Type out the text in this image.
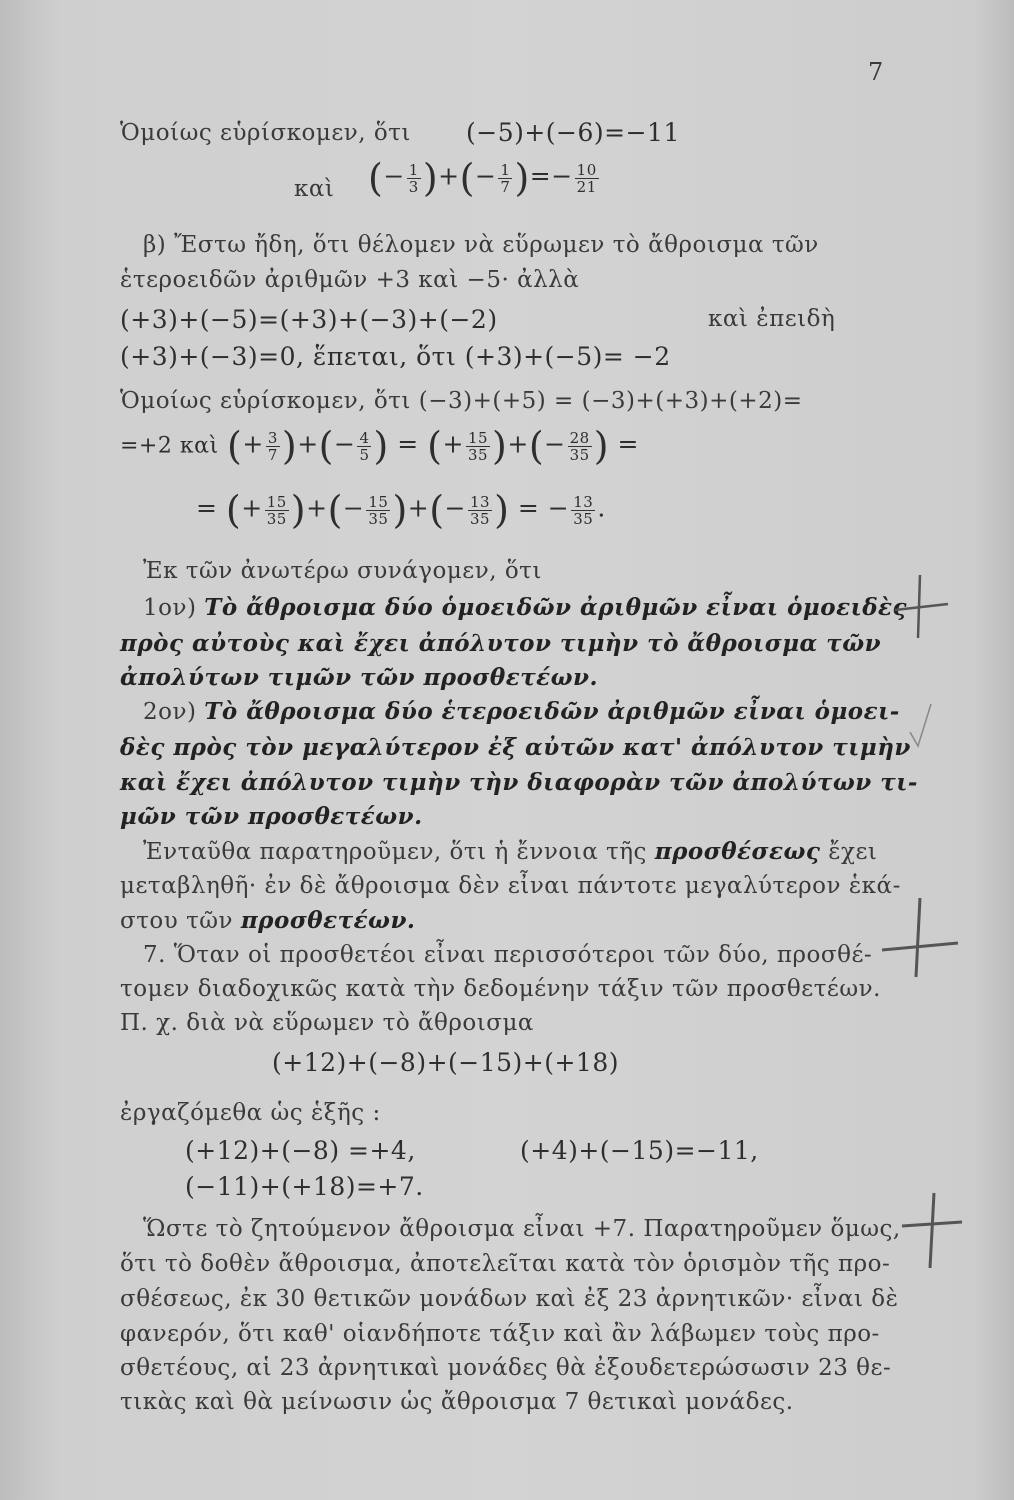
7
Ὁμοίως εὑρίσκομεν, ὅτι (−5)+(−6)=−11
καὶ (− $\frac{1}{3}$ )+(− $\frac{1}{7}$ )=− $\frac{10}{21}$
β) Ἔστω ἤδη, ὅτι θέλομεν νὰ εὕρωμεν τὸ ἄθροισμα τῶν
ἑτεροειδῶν ἀριθμῶν +3 καὶ −5· ἀλλὰ
(+3)+(−5)=(+3)+(−3)+(−2)	καὶ ἐπειδὴ
(+3)+(−3)=0, ἕπεται, ὅτι (+3)+(−5)= −2
Ὁμοίως εὑρίσκομεν, ὅτι (−3)+(+5) = (−3)+(+3)+(+2)=
=+2 καὶ (+ $\frac{3}{7}$ )+(− $\frac{4}{5}$ ) = (+ $\frac{15}{35}$ )+(− $\frac{28}{35}$ ) =
= (+ $\frac{15}{35}$ )+(− $\frac{15}{35}$ )+(− $\frac{13}{35}$ ) = − $\frac{13}{35}$ .
Ἐκ τῶν ἀνωτέρω συνάγομεν, ὅτι
1ον) Τὸ ἄθροισμα δύο ὁμοειδῶν ἀριθμῶν εἶναι ὁμοειδὲς
πρὸς αὐτοὺς καὶ ἔχει ἀπόλυτον τιμὴν τὸ ἄθροισμα τῶν
ἀπολύτων τιμῶν τῶν προσθετέων.
2ον) Τὸ ἄθροισμα δύο ἑτεροειδῶν ἀριθμῶν εἶναι ὁμοει-
δὲς πρὸς τὸν μεγαλύτερον ἐξ αὐτῶν κατ' ἀπόλυτον τιμὴν
καὶ ἔχει ἀπόλυτον τιμὴν τὴν διαφορὰν τῶν ἀπολύτων τι-
μῶν τῶν προσθετέων.
Ἐνταῦθα παρατηροῦμεν, ὅτι ἡ ἔννοια τῆς προσθέσεως ἔχει
μεταβληθῆ· ἐν δὲ ἄθροισμα δὲν εἶναι πάντοτε μεγαλύτερον ἑκά-
στου τῶν προσθετέων.
7. Ὅταν οἱ προσθετέοι εἶναι περισσότεροι τῶν δύο, προσθέ-
τομεν διαδοχικῶς κατὰ τὴν δεδομένην τάξιν τῶν προσθετέων.
Π. χ. διὰ νὰ εὕρωμεν τὸ ἄθροισμα
(+12)+(−8)+(−15)+(+18)
ἐργαζόμεθα ὡς ἑξῆς :
(+12)+(−8) =+4,	(+4)+(−15)=−11,
(−11)+(+18)=+7.
Ὥστε τὸ ζητούμενον ἄθροισμα εἶναι +7. Παρατηροῦμεν ὅμως,
ὅτι τὸ δοθὲν ἄθροισμα, ἀποτελεῖται κατὰ τὸν ὁρισμὸν τῆς προ-
σθέσεως, ἐκ 30 θετικῶν μονάδων καὶ ἐξ 23 ἀρνητικῶν· εἶναι δὲ
φανερόν, ὅτι καθ' οἱανδήποτε τάξιν καὶ ἂν λάβωμεν τοὺς προ-
σθετέους, αἱ 23 ἀρνητικαὶ μονάδες θὰ ἐξουδετερώσωσιν 23 θε-
τικὰς καὶ θὰ μείνωσιν ὡς ἄθροισμα 7 θετικαὶ μονάδες.
